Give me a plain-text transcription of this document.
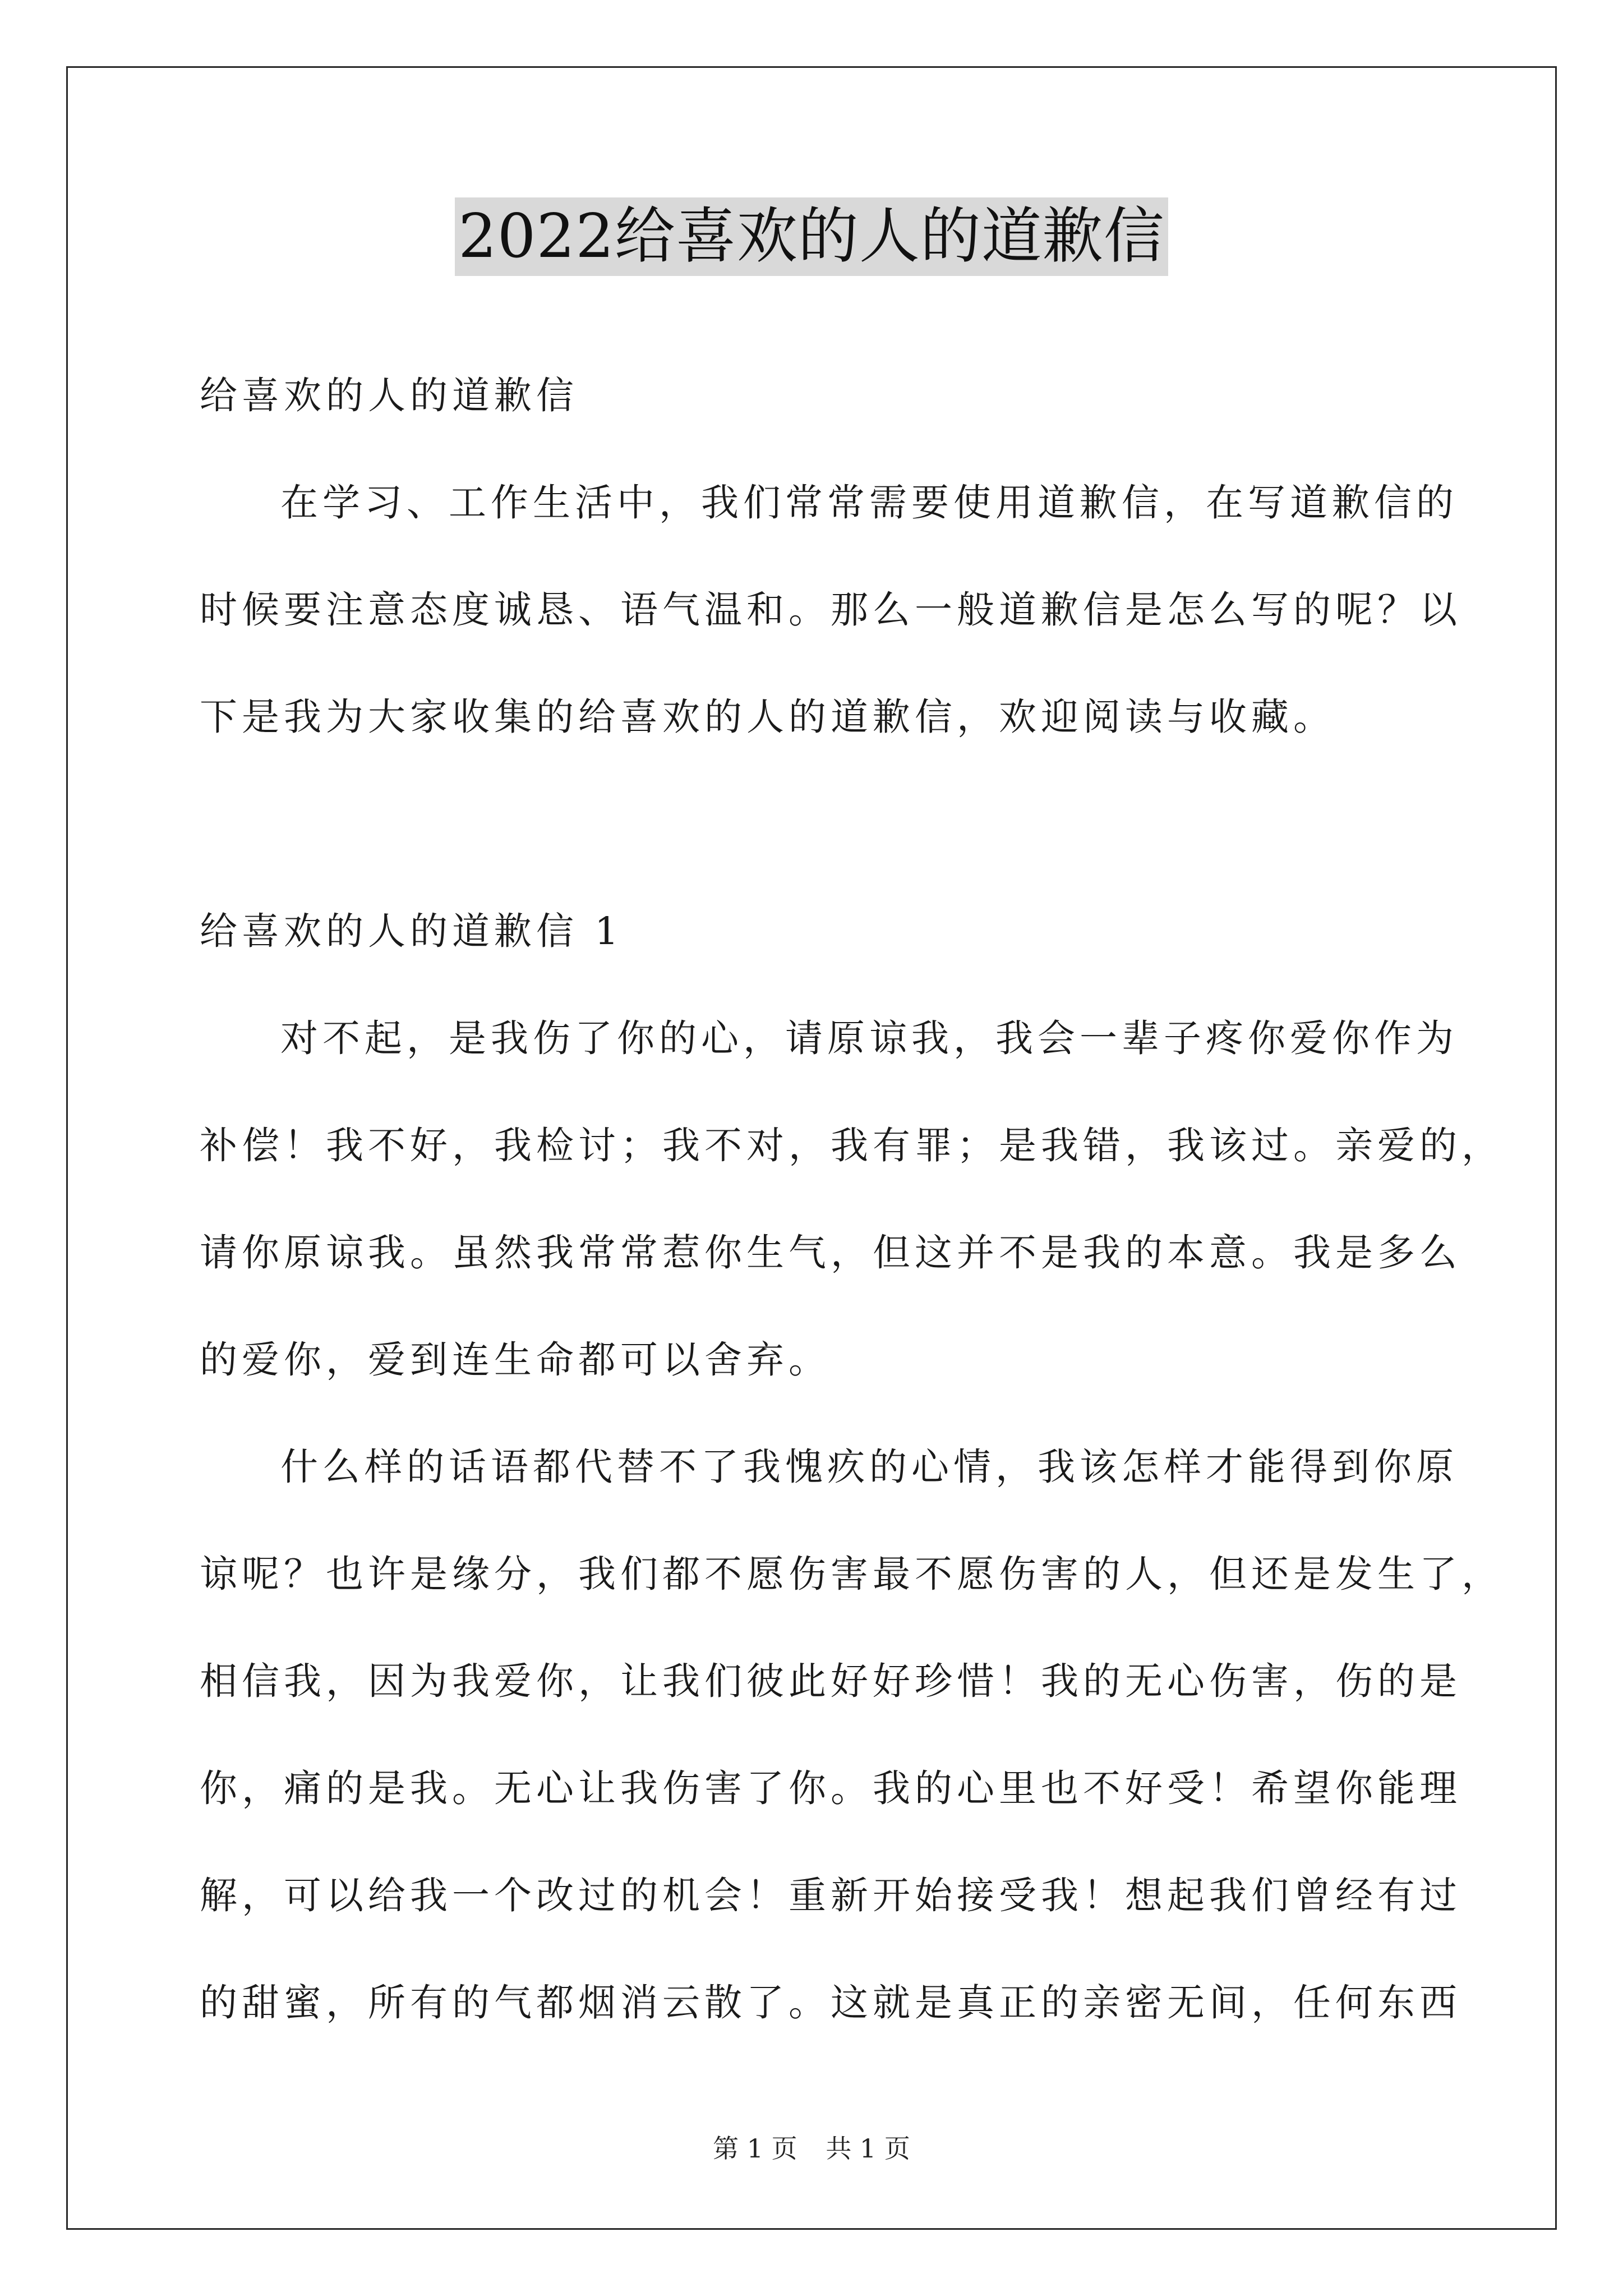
2022给喜欢的人的道歉信
给喜欢的人的道歉信
在学习、工作生活中，我们常常需要使用道歉信，在写道歉信的
时候要注意态度诚恳、语气温和。那么一般道歉信是怎么写的呢？以
下是我为大家收集的给喜欢的人的道歉信，欢迎阅读与收藏。
给喜欢的人的道歉信 1
对不起，是我伤了你的心，请原谅我，我会一辈子疼你爱你作为
补偿！我不好，我检讨；我不对，我有罪；是我错，我该过。亲爱的，
请你原谅我。虽然我常常惹你生气，但这并不是我的本意。我是多么
的爱你，爱到连生命都可以舍弃。
什么样的话语都代替不了我愧疚的心情，我该怎样才能得到你原
谅呢？也许是缘分，我们都不愿伤害最不愿伤害的人，但还是发生了，
相信我，因为我爱你，让我们彼此好好珍惜！我的无心伤害，伤的是
你，痛的是我。无心让我伤害了你。我的心里也不好受！希望你能理
解，可以给我一个改过的机会！重新开始接受我！想起我们曾经有过
的甜蜜，所有的气都烟消云散了。这就是真正的亲密无间，任何东西
第 1 页 共 1 页
